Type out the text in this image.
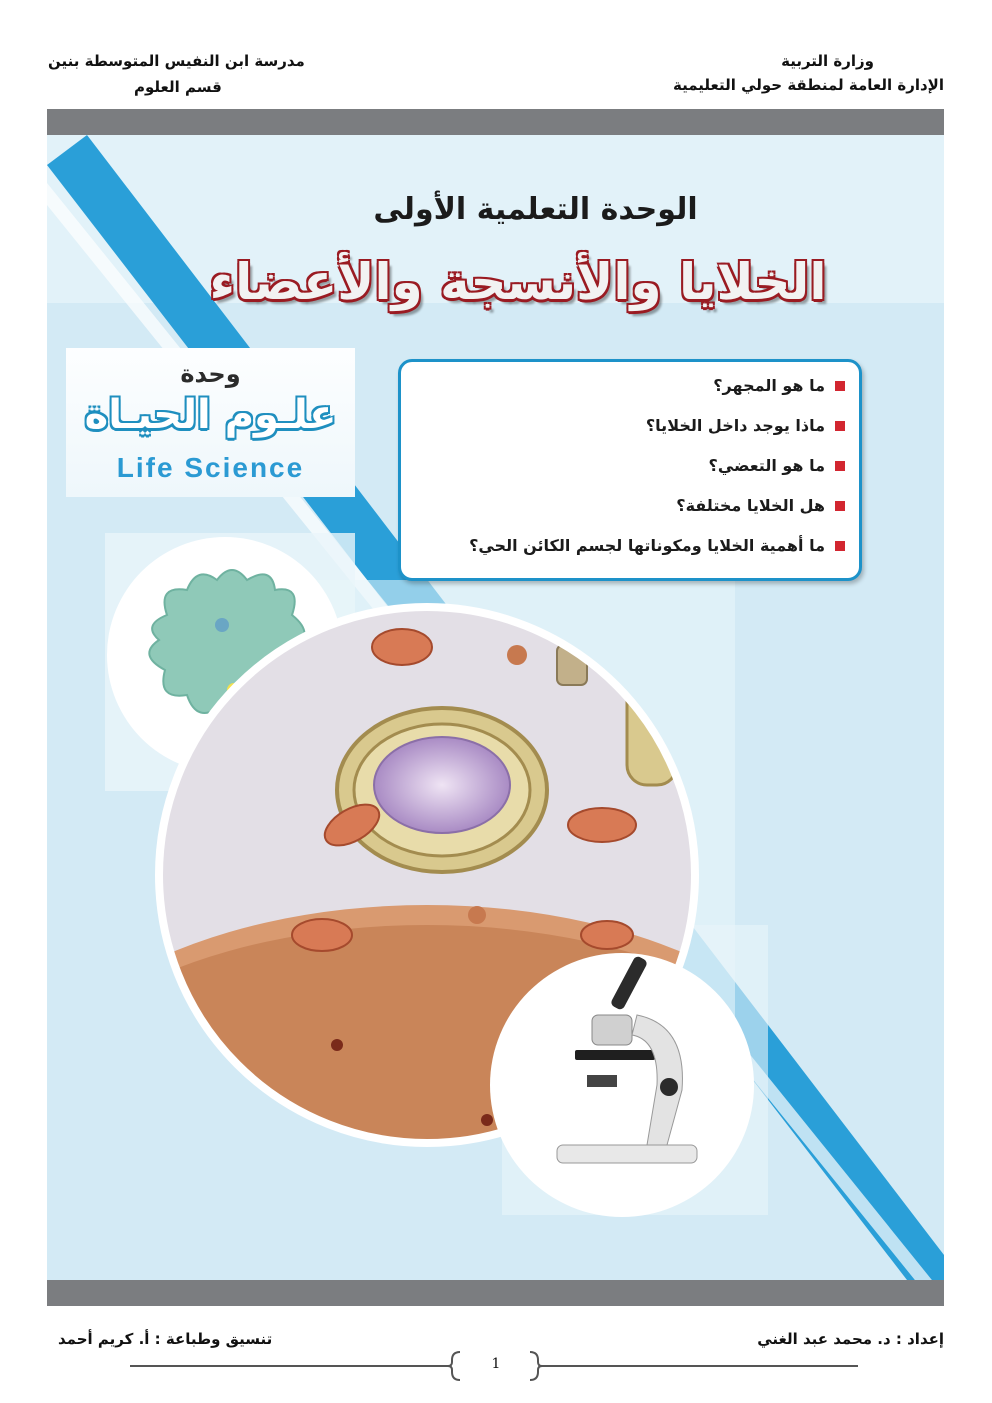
وزارة التربية
الإدارة العامة لمنطقة حولي التعليمية
مدرسة ابن النفيس المتوسطة بنين
قسم العلوم
الوحدة التعلمية الأولى
الخلايا والأنسجة والأعضاء
وحدة
علـوم الحيـاة
Life Science
ما هو المجهر؟
ماذا يوجد داخل الخلايا؟
ما هو التعضي؟
هل الخلايا مختلفة؟
ما أهمية الخلايا ومكوناتها لجسم الكائن الحي؟
إعداد : د. محمد عبد الغني
تنسيق وطباعة : أ. كريم أحمد
1
